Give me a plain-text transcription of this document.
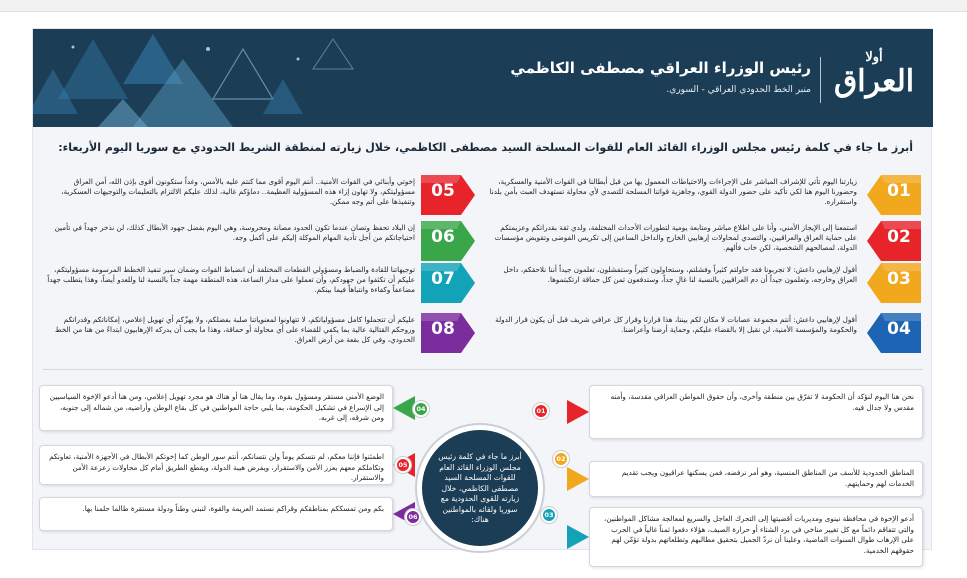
أولا
العراق
رئيس الوزراء العراقي مصطفى الكاظمي
منبر الخط الحدودي العراقي - السوري.
أبرز ما جاء في كلمة رئيس مجلس الوزراء القائد العام للقوات المسلحة السيد مصطفى الكاظمي، خلال زيارته لمنطقة الشريط الحدودي مع سوريا اليوم الأربعاء:
01
زيارتنا اليوم تأتي للإشراف المباشر على الإجراءات والاحتياطات المعمول بها من قبل أبطالنا في القوات الأمنية والعسكرية، وحضورنا اليوم هنا لكي تأكيد على حضور الدولة القوي، وجاهزية قواتنا المسلحة للتصدي لأي محاولة تستهدف العبث بأمن بلدنا واستقراره.
02
استمعنا إلى الإيجاز الأمني، وأنا على اطلاع مباشر ومتابعة يومية لتطورات الأحداث المختلفة، ولدي ثقة بقدراتكم وعزيمتكم على حماية العراق والعراقيين، والتصدي لمحاولات إرهابيي الخارج والداخل الساعين إلى تكريس الفوضى وتقويض مؤسسات الدولة، لمصالحهم الشخصية، لكن خاب فألهم.
03
أقول لإرهابيي داعش: لا تجربونا فقد حاولتم كثيراً وفشلتم، وستحاولون كثيراً وستفشلون، تعلمون جيداً أننا نلاحقكم، داخل العراق وخارجه، وتعلمون جيداً أن دم العراقيين بالنسبة لنا غالٍ جداً، وستدفعون ثمن كل حماقة ارتكبتموها.
04
أقول لإرهابيي داعش: أنتم مجموعة عصابات لا مكان لكم بيننا، هذا قرارنا وقرار كل عراقي شريف قبل أن يكون قرار الدولة والحكومة والمؤسسة الأمنية، لن نقبل إلا بالقضاء عليكم، وحماية أرضنا وأعراضنا.
05
إخوتي وأبنائي في القوات الأمنية.. أنتم اليوم أقوى مما كنتم عليه بالأمس، وغداً ستكونون أقوى بإذن الله، أمن العراق مسؤوليتكم، ولا تهاون إزاء هذه المسؤولية العظيمة.. دماؤكم غالية، لذلك عليكم الالتزام بالتعليمات والتوجيهات العسكرية، وتنفيذها على أتم وجه ممكن.
06
إن البلاد تحفظ وتصان عندما تكون الحدود مصانة ومحروسة، وهي اليوم بفضل جهود الأبطال كذلك، لن نذخر جهداً في تأمين احتياجاتكم من أجل تأدية المهام الموكلة إليكم على أكمل وجه.
07
توجيهاتنا للقادة والضباط ومسؤولي القطعات المختلفة أن انضباط القوات وضمان سير تنفيذ الخطط المرسومة مسؤوليتكم، عليكم أن تكثفوا من جهودكم، وأن تعملوا على مدار الساعة، هذه المنطقة مهمة جداً بالنسبة لنا وللعدو أيضاً، وهذا يتطلب جهداً مضاعفاً وكفاءة وانتباهاً فيما بينكم.
08
عليكم أن تتحملوا كامل مسؤولياتكم، لا تتهاونوا لمعنوياتنا صلبة بفضلكم، ولا يهزّكم أي تهويل إعلامي، إمكاناتكم وقدراتكم وروحكم القتالية عالية بما يكفي للقضاء على أي محاولة أو حماقة، وهذا ما يجب أن يدركه الإرهابيون ابتداءً من هنا من الخط الحدودي، وفي كل بقعة من أرض العراق.
نحن هنا اليوم لنؤكد أن الحكومة لا تفرّق بين منطقة وأخرى، وأن حقوق المواطن العراقي مقدسة، وأمنه مقدس ولا جدال فيه.
01
المناطق الحدودية للأسف من المناطق المنسية، وهو أمر نرفضه، فمن يسكنها عراقيون ويجب تقديم الخدمات لهم وحمايتهم.
02
أدعو الإخوة في محافظة نينوى ومديريات أقضيتها إلى التحرك العاجل والسريع لمعالجة مشاكل المواطنين، والتي تتفاقم دائماً مع كل تغيير مناخي في برد الشتاء أو حرارة الصيف، هؤلاء دفعوا ثمناً غالياً في الحرب على الإرهاب طوال السنوات الماضية، وعلينا أن نردّ الجميل بتحقيق مطالبهم وتطلعاتهم بدولة تؤمّن لهم حقوقهم الخدمية.
03
الوضع الأمني مستقر ومسؤول بقوة، وما يقال هنا أو هناك هو مجرد تهويل إعلامي، ومن هنا أدعو الإخوة السياسيين إلى الإسراع في تشكيل الحكومة، بما يلبي حاجة المواطنين في كل بقاع الوطن وأراضيه، من شماله إلى جنوبه، ومن شرقه، إلى غربه.
04
اطمئنوا فإننا معكم، لم نتسكم يوماً ولن نتسانكم، أنتم سور الوطن كما إخوتكم الأبطال في الأجهزة الأمنية، تعاونكم وتكاملكم معهم يعزز الأمن والاستقرار، ويفرض هيبة الدولة، ويقطع الطريق أمام كل محاولات زعزعة الأمن والاستقرار.
05
بكم ومن تمسككم بمناطقكم وقراكم نستمد العزيمة والقوة، لنبني وطناً ودولة مستقرة طالما حلمنا بها.
06
أبرز ما جاء في كلمة رئيس مجلس الوزراء القائد العام للقوات المسلحة السيد مصطفى الكاظمي، خلال زيارته للقوى الحدودية مع سوريا ولقائه بالمواطنين هناك:
